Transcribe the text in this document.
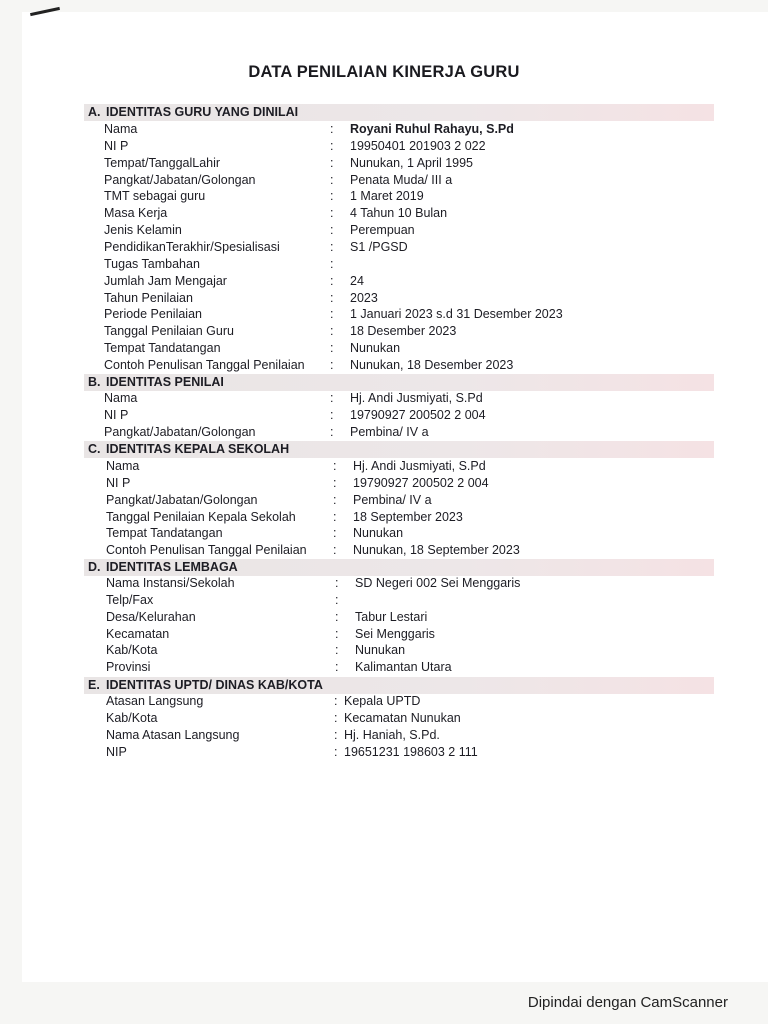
DATA PENILAIAN KINERJA GURU
A. IDENTITAS GURU YANG DINILAI
Nama	: Royani Ruhul Rahayu, S.Pd
NI P	: 19950401 201903 2 022
Tempat/TanggalLahir	: Nunukan, 1 April 1995
Pangkat/Jabatan/Golongan	: Penata Muda/ III a
TMT sebagai guru	: 1 Maret 2019
Masa Kerja	: 4 Tahun 10 Bulan
Jenis Kelamin	: Perempuan
PendidikanTerakhir/Spesialisasi	: S1 /PGSD
Tugas Tambahan	:
Jumlah Jam Mengajar	: 24
Tahun Penilaian	: 2023
Periode Penilaian	: 1 Januari 2023 s.d 31 Desember 2023
Tanggal Penilaian Guru	: 18 Desember 2023
Tempat Tandatangan	: Nunukan
Contoh Penulisan Tanggal Penilaian : Nunukan, 18 Desember 2023
B. IDENTITAS PENILAI
Nama	: Hj. Andi Jusmiyati, S.Pd
NI P	: 19790927 200502 2 004
Pangkat/Jabatan/Golongan	: Pembina/ IV a
C. IDENTITAS KEPALA SEKOLAH
Nama	: Hj. Andi Jusmiyati, S.Pd
NI P	: 19790927 200502 2 004
Pangkat/Jabatan/Golongan	: Pembina/ IV a
Tanggal Penilaian Kepala Sekolah	: 18 September 2023
Tempat Tandatangan	: Nunukan
Contoh Penulisan Tanggal Penilaian : Nunukan, 18 September 2023
D. IDENTITAS LEMBAGA
Nama Instansi/Sekolah	: SD Negeri 002 Sei Menggaris
Telp/Fax	:
Desa/Kelurahan	: Tabur Lestari
Kecamatan	: Sei Menggaris
Kab/Kota	: Nunukan
Provinsi	: Kalimantan Utara
E. IDENTITAS UPTD/ DINAS KAB/KOTA
Atasan Langsung	: Kepala UPTD
Kab/Kota	: Kecamatan Nunukan
Nama Atasan Langsung	: Hj. Haniah, S.Pd.
NIP	: 19651231 198603 2 111
Dipindai dengan CamScanner
